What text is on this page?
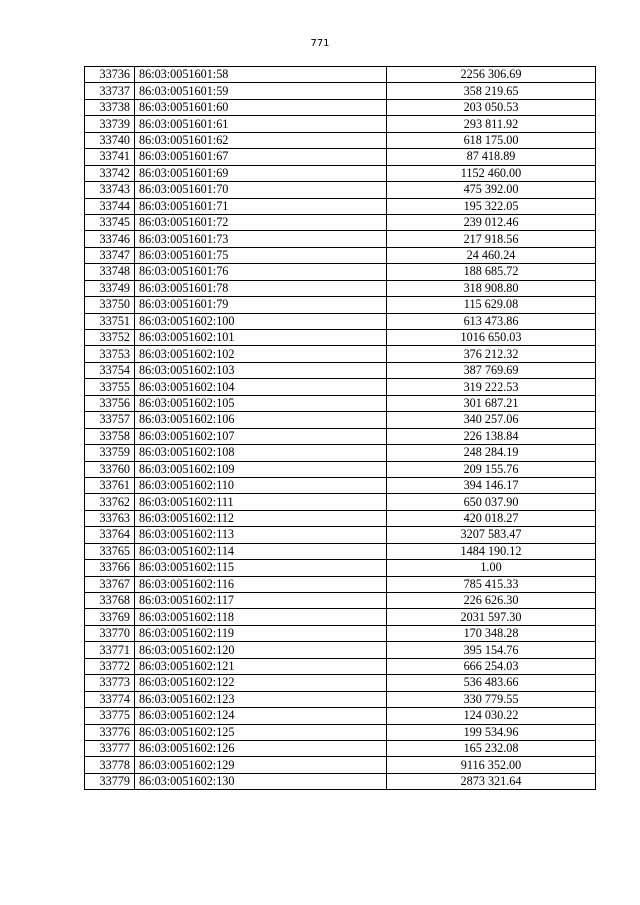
771
33736	86:03:0051601:58	2256 306.69
33737	86:03:0051601:59	358 219.65
33738	86:03:0051601:60	203 050.53
33739	86:03:0051601:61	293 811.92
33740	86:03:0051601:62	618 175.00
33741	86:03:0051601:67	87 418.89
33742	86:03:0051601:69	1152 460.00
33743	86:03:0051601:70	475 392.00
33744	86:03:0051601:71	195 322.05
33745	86:03:0051601:72	239 012.46
33746	86:03:0051601:73	217 918.56
33747	86:03:0051601:75	24 460.24
33748	86:03:0051601:76	188 685.72
33749	86:03:0051601:78	318 908.80
33750	86:03:0051601:79	115 629.08
33751	86:03:0051602:100	613 473.86
33752	86:03:0051602:101	1016 650.03
33753	86:03:0051602:102	376 212.32
33754	86:03:0051602:103	387 769.69
33755	86:03:0051602:104	319 222.53
33756	86:03:0051602:105	301 687.21
33757	86:03:0051602:106	340 257.06
33758	86:03:0051602:107	226 138.84
33759	86:03:0051602:108	248 284.19
33760	86:03:0051602:109	209 155.76
33761	86:03:0051602:110	394 146.17
33762	86:03:0051602:111	650 037.90
33763	86:03:0051602:112	420 018.27
33764	86:03:0051602:113	3207 583.47
33765	86:03:0051602:114	1484 190.12
33766	86:03:0051602:115	1.00
33767	86:03:0051602:116	785 415.33
33768	86:03:0051602:117	226 626.30
33769	86:03:0051602:118	2031 597.30
33770	86:03:0051602:119	170 348.28
33771	86:03:0051602:120	395 154.76
33772	86:03:0051602:121	666 254.03
33773	86:03:0051602:122	536 483.66
33774	86:03:0051602:123	330 779.55
33775	86:03:0051602:124	124 030.22
33776	86:03:0051602:125	199 534.96
33777	86:03:0051602:126	165 232.08
33778	86:03:0051602:129	9116 352.00
33779	86:03:0051602:130	2873 321.64
